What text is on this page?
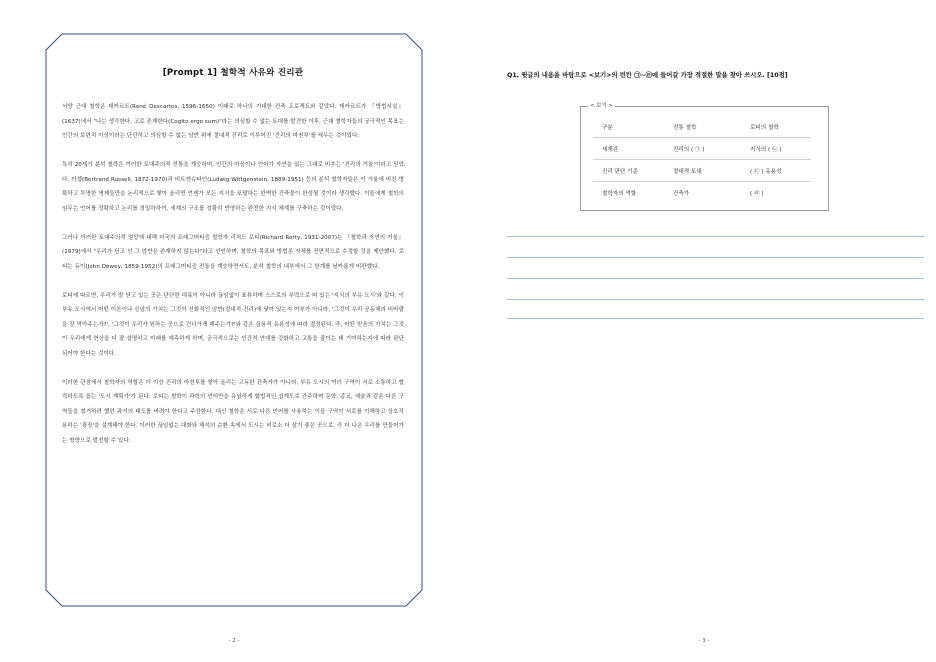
[Prompt 1] 철학적 사유와 진리관

서양 근대 철학은 데카르트(René Descartes, 1596-1650) 이래로 하나의 거대한 건축 프로젝트와 같았다. 데카르트가 『방법서설』(1637)에서 "나는 생각한다, 고로 존재한다(Cogito ergo sum)"라는 의심할 수 없는 토대를 발견한 이후, 근대 철학자들의 궁극적인 목표는 인간의 보편적 이성이라는 단단하고 의심할 수 없는 암반 위에 절대적 진리로 이루어진 '진리의 마천루'를 세우는 것이었다.

특히 20세기 분석 철학은 이러한 토대주의적 전통을 계승하며, 인간의 마음이나 언어가 자연을 있는 그대로 비추는 '진리의 거울'이라고 믿었다. 러셀(Bertrand Russell, 1872-1970)과 비트겐슈타인(Ludwig Wittgenstein, 1889-1951) 등의 분석 철학자들은 이 거울에 비친 명확하고 투명한 명제들만을 논리적으로 쌓아 올리면 언젠가 모든 지식을 포괄하는 완벽한 건축물이 완성될 것이라 생각했다. 이들에게 철학의 임무는 언어를 정확하고 논리를 정밀하하여, 세계의 구조를 정확히 반영하는 완전한 지식 체계를 구축하는 것이었다.

그러나 이러한 토대주의적 열망에 대해 미국의 프래그머티즘 철학자 리처드 로티(Richard Rorty, 1931-2007)는 『철학과 자연의 거울』(1979)에서 "우리가 딛고 선 그 암반은 존재하지 않는다"라고 선언하며, 철학의 목표와 방법론 자체를 전면적으로 수정할 것을 제안했다. 로티는 듀이(John Dewey, 1859-1952)의 프래그머티즘 전통을 계승하면서도, 분석 철학의 내부에서 그 한계를 날카롭게 비판했다.

로티에 따르면, 우리가 발 딛고 있는 곳은 단단한 대륙이 아니라 끊임없이 표류하며 스스로의 부력으로 떠 있는 '지식의 부유 도시'와 같다. 이 부유 도시에서 어떤 이론이나 신념의 가치는 그것이 신화적인 암반(절대적 진리)에 닿아 있는지 여부가 아니라, '그것이 우리 공동체의 비바람을 잘 막아주는가?', '그것이 우리가 원하는 곳으로 건너가게 해주는가?'와 같은 실용적 유용성에 따라 결정된다. 즉, 어떤 믿음의 가치는 그것이 우리에게 현상을 더 잘 설명하고 미래를 예측하게 하며, 궁극적으로는 인간적 연대를 강화하고 고통을 줄이는 데 기여하는지에 따라 판단되어야 한다는 것이다.

이러한 관점에서 철학자의 역할은 더 이상 진리의 마천루를 쌓아 올리는 고독한 건축가가 아니라, 부유 도시의 여러 구역이 서로 소통하고 협력하도록 돕는 '도시 계획가'가 된다. 로티는 철학이 과학의 언어만을 유일하게 합법적인 설계도로 간주하며 문학, 종교, 예술과 같은 다른 구역들을 철거하려 했던 과거의 태도를 버려야 한다고 주장한다. 대신 철학은 서로 다른 언어를 사용하는 이들 구역이 서로를 이해하고 상호작용하는 '광장'을 설계해야 한다. 이러한 끊임없는 대화와 해석의 순환 속에서 도시는 비로소 더 살기 좋은 곳으로, 즉 더 나은 우리를 만들어가는 방향으로 발전할 수 있다.

- 2 -
Q1. 윗글의 내용을 바탕으로 <보기>의 빈칸 ㉠~㉣에 들어갈 가장 적절한 말을 찾아 쓰시오. [10점]
< 보기 >
구분	전통 철학	로티의 철학
세계관	진리의 ( ㉠ )	지식의 ( ㉡ )
진리 판단 기준	절대적 토대	( ㉢ ) 유용성
철학자의 역할	건축가	( ㉣ )
- 3 -
